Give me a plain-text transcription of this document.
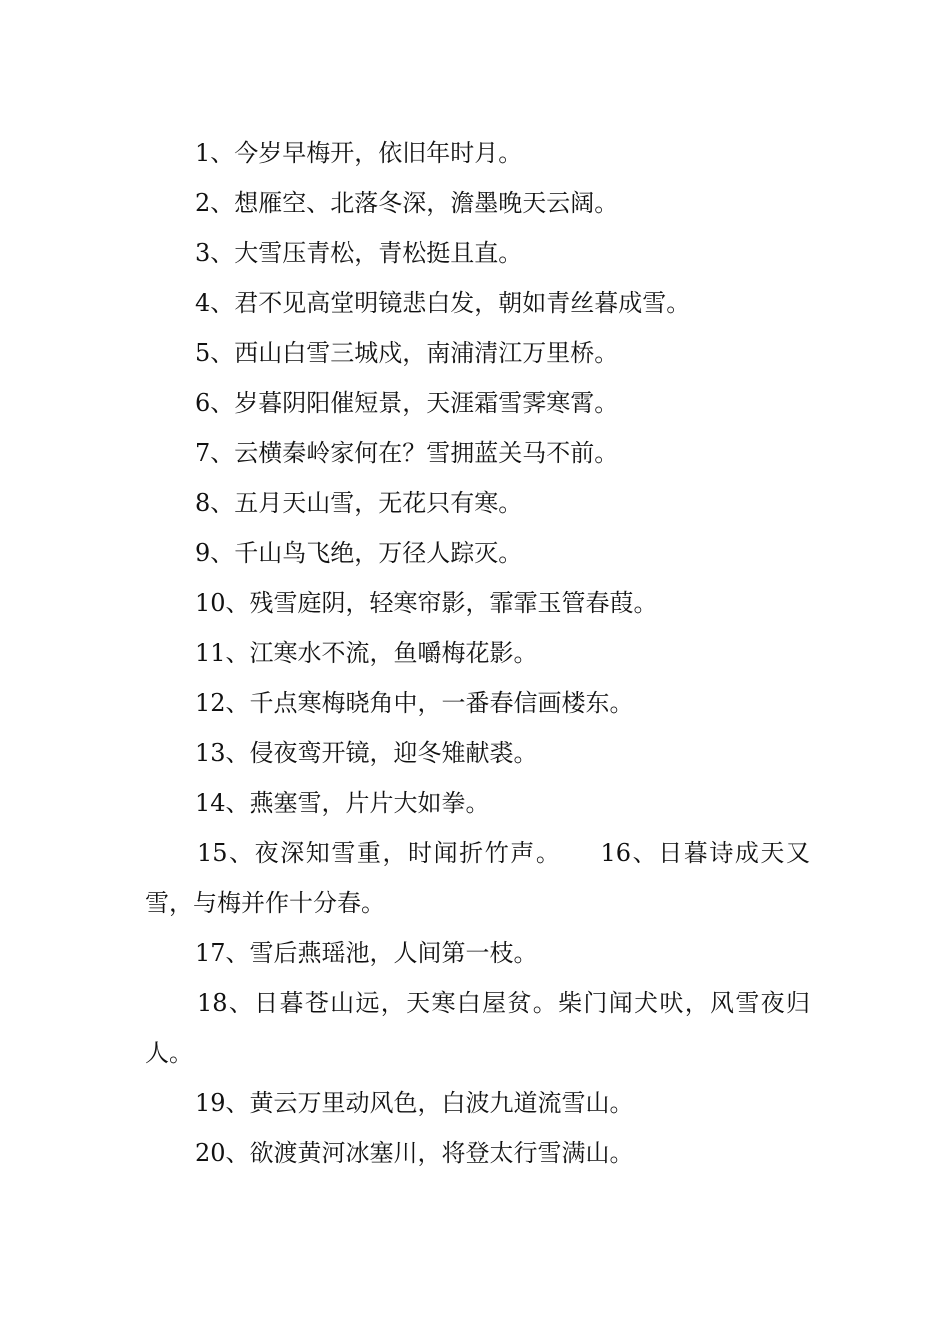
1、今岁早梅开，依旧年时月。

2、想雁空、北落冬深，澹墨晚天云阔。

3、大雪压青松，青松挺且直。

4、君不见高堂明镜悲白发，朝如青丝暮成雪。

5、西山白雪三城戍，南浦清江万里桥。

6、岁暮阴阳催短景，天涯霜雪霁寒霄。

7、云横秦岭家何在？雪拥蓝关马不前。

8、五月天山雪，无花只有寒。

9、千山鸟飞绝，万径人踪灭。

10、残雪庭阴，轻寒帘影，霏霏玉管春葭。

11、江寒水不流，鱼嚼梅花影。

12、千点寒梅晓角中，一番春信画楼东。

13、侵夜鸾开镜，迎冬雉献裘。

14、燕塞雪，片片大如拳。

15、夜深知雪重，时闻折竹声。　　16、日暮诗成天又雪，与梅并作十分春。

17、雪后燕瑶池，人间第一枝。

18、日暮苍山远，天寒白屋贫。柴门闻犬吠，风雪夜归人。

19、黄云万里动风色，白波九道流雪山。

20、欲渡黄河冰塞川，将登太行雪满山。
